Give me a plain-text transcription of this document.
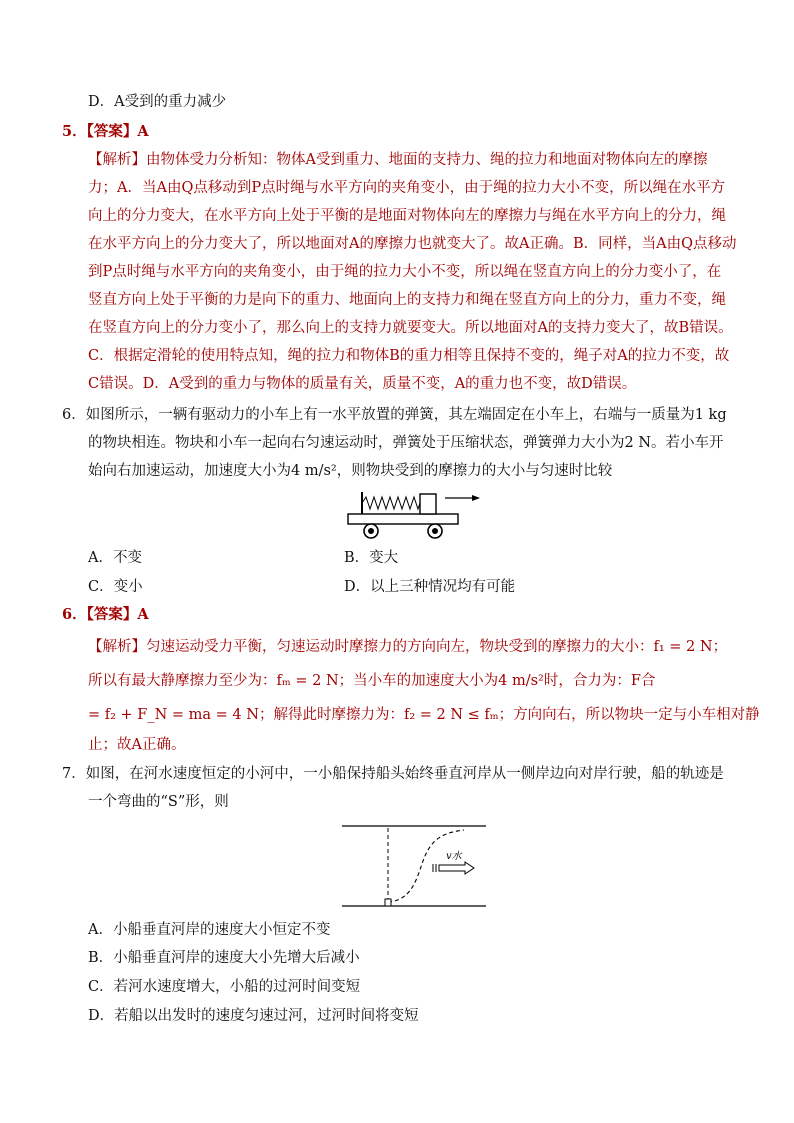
D．A受到的重力减少
5．【答案】A
【解析】由物体受力分析知：物体A受到重力、地面的支持力、绳的拉力和地面对物体向左的摩擦
力；A．当A由Q点移动到P点时绳与水平方向的夹角变小，由于绳的拉力大小不变，所以绳在水平方
向上的分力变大，在水平方向上处于平衡的是地面对物体向左的摩擦力与绳在水平方向上的分力，绳
在水平方向上的分力变大了，所以地面对A的摩擦力也就变大了。故A正确。B．同样，当A由Q点移动
到P点时绳与水平方向的夹角变小，由于绳的拉力大小不变，所以绳在竖直方向上的分力变小了，在
竖直方向上处于平衡的力是向下的重力、地面向上的支持力和绳在竖直方向上的分力，重力不变，绳
在竖直方向上的分力变小了，那么向上的支持力就要变大。所以地面对A的支持力变大了，故B错误。
C．根据定滑轮的使用特点知，绳的拉力和物体B的重力相等且保持不变的，绳子对A的拉力不变，故
C错误。D．A受到的重力与物体的质量有关，质量不变，A的重力也不变，故D错误。
6．如图所示，一辆有驱动力的小车上有一水平放置的弹簧，其左端固定在小车上，右端与一质量为1 kg
的物块相连。物块和小车一起向右匀速运动时，弹簧处于压缩状态，弹簧弹力大小为2 N。若小车开
始向右加速运动，加速度大小为4 m/s²，则物块受到的摩擦力的大小与匀速时比较
A．不变	B．变大
C．变小	D．以上三种情况均有可能
6．【答案】A
【解析】匀速运动受力平衡，匀速运动时摩擦力的方向向左，物块受到的摩擦力的大小：f₁ = 2 N；
所以有最大静摩擦力至少为：fₘ = 2 N；当小车的加速度大小为4 m/s²时，合力为：F合
= f₂ + F_N = ma = 4 N；解得此时摩擦力为：f₂ = 2 N ≤ fₘ；方向向右，所以物块一定与小车相对静
止；故A正确。
7．如图，在河水速度恒定的小河中，一小船保持船头始终垂直河岸从一侧岸边向对岸行驶，船的轨迹是
一个弯曲的“S”形，则
v水
A．小船垂直河岸的速度大小恒定不变
B．小船垂直河岸的速度大小先增大后减小
C．若河水速度增大，小船的过河时间变短
D．若船以出发时的速度匀速过河，过河时间将变短
